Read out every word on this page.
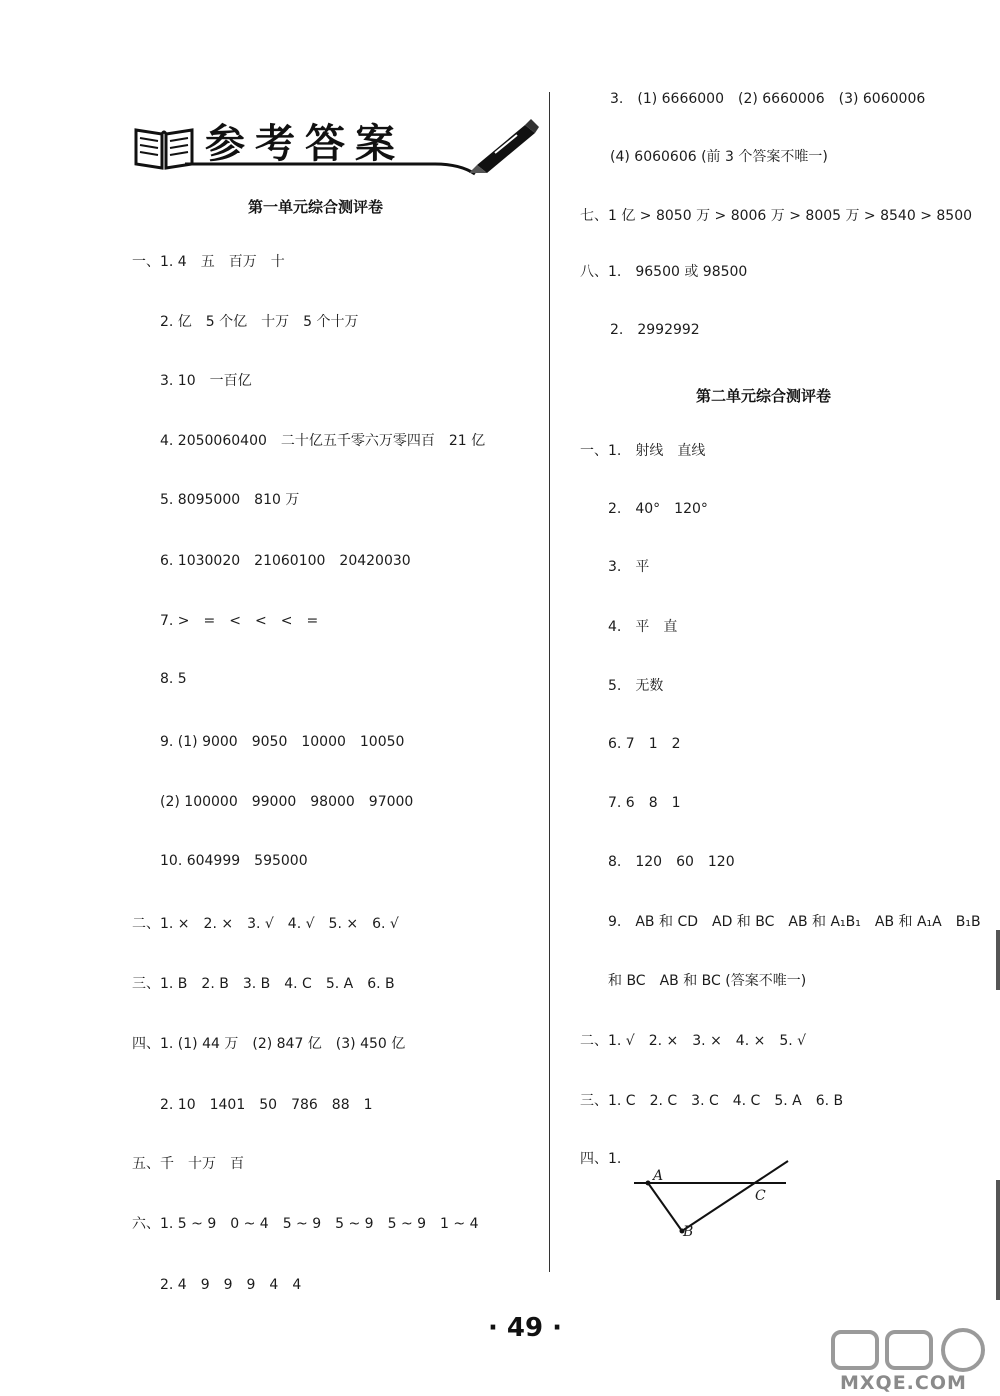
参考答案
第一单元综合测评卷
一、1. 4　五　百万　十
2. 亿　5 个亿　十万　5 个十万
3. 10　一百亿
4. 2050060400　二十亿五千零六万零四百　21 亿
5. 8095000　810 万
6. 1030020　21060100　20420030
7. >　=　<　<　<　=
8. 5
9. (1) 9000　9050　10000　10050
(2) 100000　99000　98000　97000
10. 604999　595000
二、1. ×　2. ×　3. √　4. √　5. ×　6. √
三、1. B　2. B　3. B　4. C　5. A　6. B
四、1. (1) 44 万　(2) 847 亿　(3) 450 亿
2. 10　1401　50　786　88　1
五、千　十万　百
六、1. 5 ~ 9　0 ~ 4　5 ~ 9　5 ~ 9　5 ~ 9　1 ~ 4
2. 4　9　9　9　4　4
3.　(1) 6666000　(2) 6660006　(3) 6060006
(4) 6060606 (前 3 个答案不唯一)
七、1 亿 > 8050 万 > 8006 万 > 8005 万 > 8540 > 8500
八、1.　96500 或 98500
2.　2992992
第二单元综合测评卷
一、1.　射线　直线
2.　40°　120°
3.　平
4.　平　直
5.　无数
6. 7　1　2
7. 6　8　1
8.　120　60　120
9.　AB 和 CD　AD 和 BC　AB 和 A₁B₁　AB 和 A₁A　B₁B
和 BC　AB 和 BC (答案不唯一)
二、1. √　2. ×　3. ×　4. ×　5. √
三、1. C　2. C　3. C　4. C　5. A　6. B
四、1.
A
B
C
· 49 ·
MXQE.COM
